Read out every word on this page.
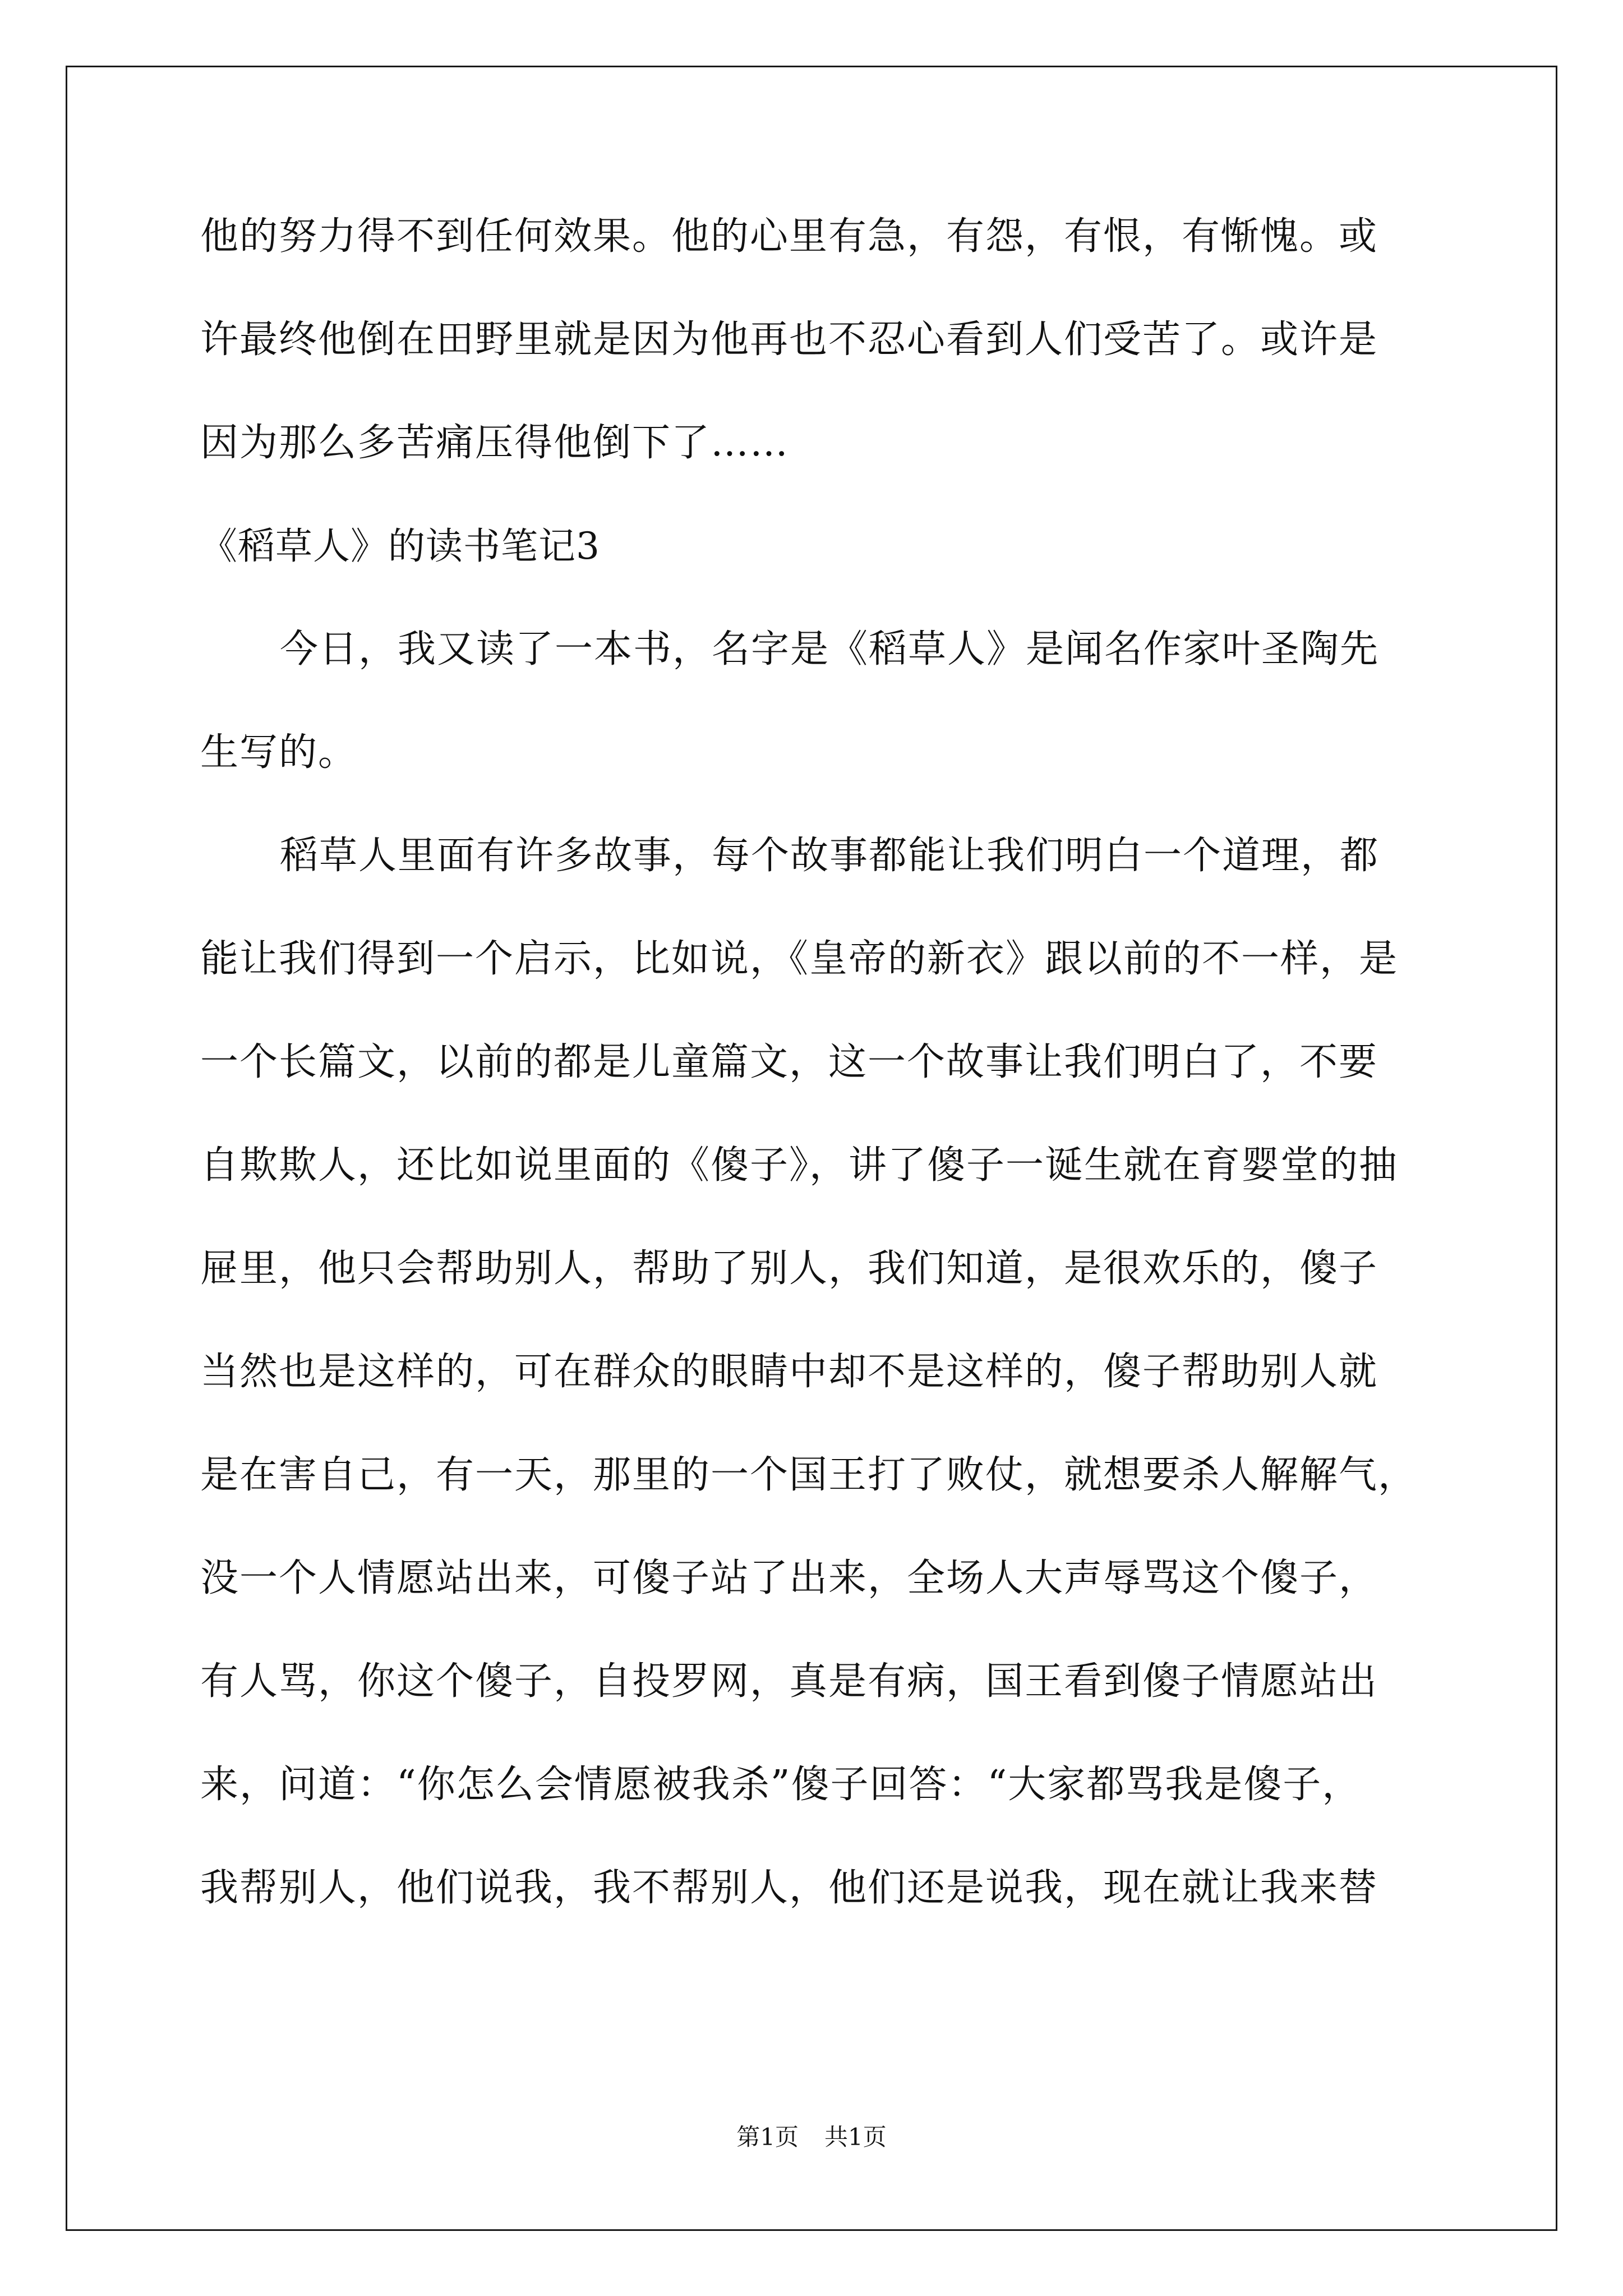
他的努力得不到任何效果。他的心里有急，有怨，有恨，有惭愧。或
许最终他倒在田野里就是因为他再也不忍心看到人们受苦了。或许是
因为那么多苦痛压得他倒下了……
《稻草人》的读书笔记3
今日，我又读了一本书，名字是《稻草人》是闻名作家叶圣陶先
生写的。
稻草人里面有许多故事，每个故事都能让我们明白一个道理，都
能让我们得到一个启示，比如说，《皇帝的新衣》跟以前的不一样，是
一个长篇文，以前的都是儿童篇文，这一个故事让我们明白了，不要
自欺欺人，还比如说里面的《傻子》，讲了傻子一诞生就在育婴堂的抽
屉里，他只会帮助别人，帮助了别人，我们知道，是很欢乐的，傻子
当然也是这样的，可在群众的眼睛中却不是这样的，傻子帮助别人就
是在害自己，有一天，那里的一个国王打了败仗，就想要杀人解解气，
没一个人情愿站出来，可傻子站了出来，全场人大声辱骂这个傻子，
有人骂，你这个傻子，自投罗网，真是有病，国王看到傻子情愿站出
来，问道：“你怎么会情愿被我杀”傻子回答：“大家都骂我是傻子，
我帮别人，他们说我，我不帮别人，他们还是说我，现在就让我来替
第1页 共1页
